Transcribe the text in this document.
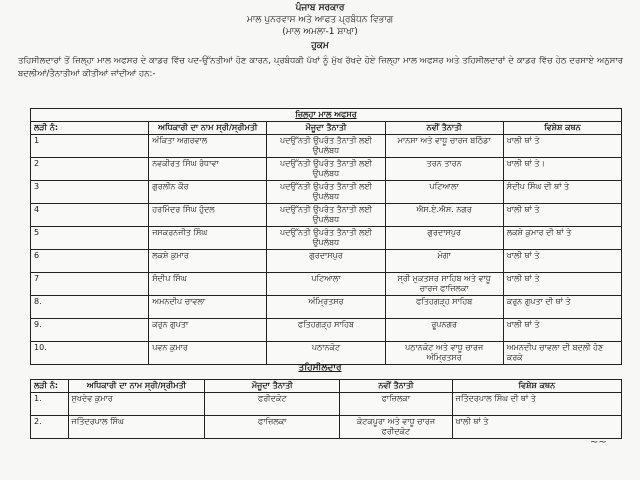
ਪੰਜਾਬ ਸਰਕਾਰ
ਮਾਲ ਪੁਨਰਵਾਸ ਅਤੇ ਆਫਤ ਪ੍ਰਬੰਧਨ ਵਿਭਾਗ
(ਮਾਲ ਅਮਲਾ-1 ਸ਼ਾਖਾ)
ਹੁਕਮ
ਤਹਿਸੀਲਦਾਰਾਂ ਤੋਂ ਜ਼ਿਲ੍ਹਾ ਮਾਲ ਅਫਸਰ ਦੇ ਕਾਡਰ ਵਿੱਚ ਪਦ-ਉੱਨਤੀਆਂ ਹੋਣ ਕਾਰਨ, ਪ੍ਰਬੰਧਕੀ ਪੱਖਾਂ ਨੂੰ ਮੁੱਖ ਰੱਖਦੇ ਹੋਏ ਜ਼ਿਲ੍ਹਾ ਮਾਲ ਅਫਸਰ ਅਤੇ ਤਹਿਸੀਲਦਾਰਾਂ ਦੇ ਕਾਡਰ ਵਿੱਚ ਹੇਠ ਦਰਸਾਏ ਅਨੁਸਾਰ ਬਦਲੀਆਂ/ਤੈਨਾਤੀਆਂ ਕੀਤੀਆਂ ਜਾਂਦੀਆਂ ਹਨ:-
ਜ਼ਿਲ੍ਹਾ ਮਾਲ ਅਫਸਰ				
ਲੜੀ ਨੰ:	ਅਧਿਕਾਰੀ ਦਾ ਨਾਮ ਸ੍ਰੀ/ਸ੍ਰੀਮਤੀ	ਮੌਜੂਦਾ ਤੈਨਾਤੀ	ਨਵੀਂ ਤੈਨਾਤੀ	ਵਿਸ਼ੇਸ਼ ਕਥਨ
1	ਅੰਕਿਤਾ ਅਗਰਵਾਲ	ਪਦਉੱਨਤੀ ਉਪਰੰਤ ਤੈਨਾਤੀ ਲਈ ਉਪਲੱਬਧ	ਮਾਨਸਾ ਅਤੇ ਵਾਧੂ ਚਾਰਜ ਬਠਿੰਡਾ	ਖਾਲੀ ਥਾਂ ਤੇ
2	ਨਵਕੀਰਤ ਸਿੰਘ ਰੰਧਾਵਾ	ਪਦਉੱਨਤੀ ਉਪਰੰਤ ਤੈਨਾਤੀ ਲਈ ਉਪਲੱਬਧ	ਤਰਨ ਤਾਰਨ	ਖਾਲੀ ਥਾਂ ਤੇ।
3	ਗੁਰਲੀਨ ਕੌਰ	ਪਦਉੱਨਤੀ ਉਪਰੰਤ ਤੈਨਾਤੀ ਲਈ ਉਪਲੱਬਧ	ਪਟਿਆਲਾ	ਸੰਦੀਪ ਸਿੰਘ ਦੀ ਥਾਂ ਤੇ
4	ਹਰਮਿੰਦਰ ਸਿੰਘ ਹੁੰਦਲ	ਪਦਉੱਨਤੀ ਉਪਰੰਤ ਤੈਨਾਤੀ ਲਈ ਉਪਲੱਬਧ	ਐਸ.ਏ.ਐਸ. ਨਗਰ	ਖਾਲੀ ਥਾਂ ਤੇ
5	ਜਸਕਰਨਜੀਤ ਸਿੰਘ	ਪਦਉੱਨਤੀ ਉਪਰੰਤ ਤੈਨਾਤੀ ਲਈ ਉਪਲੱਬਧ	ਗੁਰਦਾਸਪੁਰ	ਲਕਸ਼ੇ ਕੁਮਾਰ ਦੀ ਥਾਂ ਤੇ
6	ਲਕਸ਼ੇ ਕੁਮਾਰ	ਗੁਰਦਾਸਪੁਰ	ਮੋਗਾ	ਖਾਲੀ ਥਾਂ ਤੇ
7	ਸੰਦੀਪ ਸਿੰਘ	ਪਟਿਆਲਾ	ਸ੍ਰੀ ਮੁਕਤਸਰ ਸਾਹਿਬ ਅਤੇ ਵਾਧੂ ਚਾਰਜ ਫਾਜ਼ਿਲਕਾ	ਖਾਲੀ ਥਾਂ ਤੇ
8.	ਅਮਨਦੀਪ ਚਾਵਲਾ	ਅੰਮ੍ਰਿਤਸਰ	ਫਤਿਹਗੜ੍ਹ ਸਾਹਿਬ	ਕਰੁਨ ਗੁਪਤਾ ਦੀ ਥਾਂ ਤੇ
9.	ਕਰੁਨ ਗੁਪਤਾ	ਫਤਿਹਗੜ੍ਹ ਸਾਹਿਬ	ਰੂਪਨਗਰ	ਖਾਲੀ ਥਾਂ ਤੇ
10.	ਪਵਨ ਕੁਮਾਰ	ਪਠਾਨਕੋਟ	ਪਠਾਨਕੋਟ ਅਤੇ ਵਾਧੂ ਚਾਰਜ ਅੰਮ੍ਰਿਤਸਰ	ਅਮਨਦੀਪ ਚਾਵਲਾ ਦੀ ਬਦਲੀ ਹੋਣ ਕਰਕੇ
ਤਹਿਸੀਲਦਾਰ
ਲੜੀ ਨੰ:	ਅਧਿਕਾਰੀ ਦਾ ਨਾਮ ਸ੍ਰੀ/ਸ੍ਰੀਮਤੀ	ਮੌਜੂਦਾ ਤੈਨਾਤੀ	ਨਵੀਂ ਤੈਨਾਤੀ	ਵਿਸ਼ੇਸ਼ ਕਥਨ
1.	ਸੁਖਦੇਵ ਕੁਮਾਰ	ਫਰੀਦਕੋਟ	ਫਾਜ਼ਿਲਕਾ	ਜਤਿੰਦਰਪਾਲ ਸਿੰਘ ਦੀ ਥਾਂ ਤੇ
2.	ਜਤਿੰਦਰਪਾਲ ਸਿੰਘ	ਫਾਜ਼ਿਲਕਾ	ਕੋਟਕਪੂਰਾ ਅਤੇ ਵਾਧੂ ਚਾਰਜ ਫਰੀਦਕੋਟ	ਖਾਲੀ ਥਾਂ ਤੇ
~~
